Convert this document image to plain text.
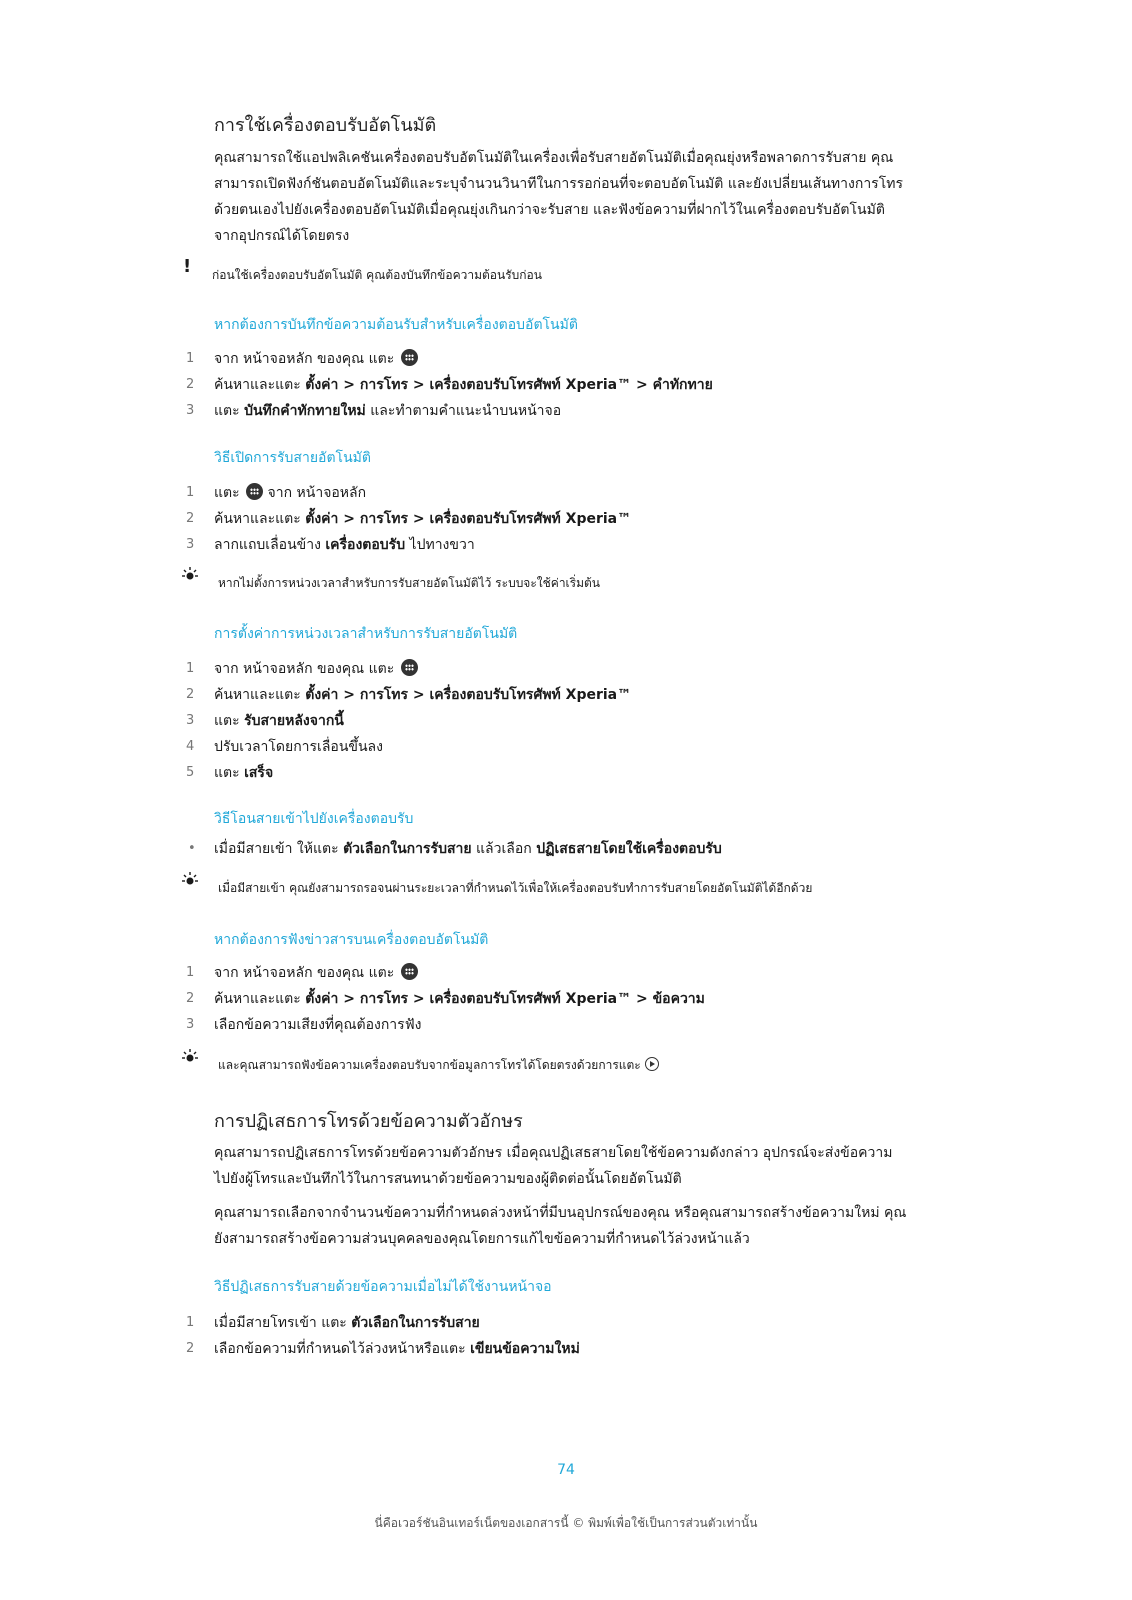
การใช้เครื่องตอบรับอัตโนมัติ
คุณสามารถใช้แอปพลิเคชันเครื่องตอบรับอัตโนมัติในเครื่องเพื่อรับสายอัตโนมัติเมื่อคุณยุ่งหรือพลาดการรับสาย คุณ
สามารถเปิดฟังก์ชันตอบอัตโนมัติและระบุจำนวนวินาทีในการรอก่อนที่จะตอบอัตโนมัติ และยังเปลี่ยนเส้นทางการโทร
ด้วยตนเองไปยังเครื่องตอบอัตโนมัติเมื่อคุณยุ่งเกินกว่าจะรับสาย และฟังข้อความที่ฝากไว้ในเครื่องตอบรับอัตโนมัติ
จากอุปกรณ์ได้โดยตรง
! ก่อนใช้เครื่องตอบรับอัตโนมัติ คุณต้องบันทึกข้อความต้อนรับก่อน
หากต้องการบันทึกข้อความต้อนรับสำหรับเครื่องตอบอัตโนมัติ
1	จาก หน้าจอหลัก ของคุณ แตะ
2	ค้นหาและแตะ ตั้งค่า > การโทร > เครื่องตอบรับโทรศัพท์ Xperia™ > คำทักทาย
3	แตะ บันทึกคำทักทายใหม่ และทำตามคำแนะนำบนหน้าจอ
วิธีเปิดการรับสายอัตโนมัติ
1	แตะ จาก หน้าจอหลัก
2	ค้นหาและแตะ ตั้งค่า > การโทร > เครื่องตอบรับโทรศัพท์ Xperia™
3	ลากแถบเลื่อนข้าง เครื่องตอบรับ ไปทางขวา
หากไม่ตั้งการหน่วงเวลาสำหรับการรับสายอัตโนมัติไว้ ระบบจะใช้ค่าเริ่มต้น
การตั้งค่าการหน่วงเวลาสำหรับการรับสายอัตโนมัติ
1	จาก หน้าจอหลัก ของคุณ แตะ
2	ค้นหาและแตะ ตั้งค่า > การโทร > เครื่องตอบรับโทรศัพท์ Xperia™
3	แตะ รับสายหลังจากนี้
4	ปรับเวลาโดยการเลื่อนขึ้นลง
5	แตะ เสร็จ
วิธีโอนสายเข้าไปยังเครื่องตอบรับ
•	เมื่อมีสายเข้า ให้แตะ ตัวเลือกในการรับสาย แล้วเลือก ปฏิเสธสายโดยใช้เครื่องตอบรับ
เมื่อมีสายเข้า คุณยังสามารถรอจนผ่านระยะเวลาที่กำหนดไว้เพื่อให้เครื่องตอบรับทำการรับสายโดยอัตโนมัติได้อีกด้วย
หากต้องการฟังข่าวสารบนเครื่องตอบอัตโนมัติ
1	จาก หน้าจอหลัก ของคุณ แตะ
2	ค้นหาและแตะ ตั้งค่า > การโทร > เครื่องตอบรับโทรศัพท์ Xperia™ > ข้อความ
3	เลือกข้อความเสียงที่คุณต้องการฟัง
และคุณสามารถฟังข้อความเครื่องตอบรับจากข้อมูลการโทรได้โดยตรงด้วยการแตะ
การปฏิเสธการโทรด้วยข้อความตัวอักษร
คุณสามารถปฏิเสธการโทรด้วยข้อความตัวอักษร เมื่อคุณปฏิเสธสายโดยใช้ข้อความดังกล่าว อุปกรณ์จะส่งข้อความ
ไปยังผู้โทรและบันทึกไว้ในการสนทนาด้วยข้อความของผู้ติดต่อนั้นโดยอัตโนมัติ
คุณสามารถเลือกจากจำนวนข้อความที่กำหนดล่วงหน้าที่มีบนอุปกรณ์ของคุณ หรือคุณสามารถสร้างข้อความใหม่ คุณ
ยังสามารถสร้างข้อความส่วนบุคคลของคุณโดยการแก้ไขข้อความที่กำหนดไว้ล่วงหน้าแล้ว
วิธีปฏิเสธการรับสายด้วยข้อความเมื่อไม่ได้ใช้งานหน้าจอ
1	เมื่อมีสายโทรเข้า แตะ ตัวเลือกในการรับสาย
2	เลือกข้อความที่กำหนดไว้ล่วงหน้าหรือแตะ เขียนข้อความใหม่
74
นี่คือเวอร์ชันอินเทอร์เน็ตของเอกสารนี้ © พิมพ์เพื่อใช้เป็นการส่วนตัวเท่านั้น
